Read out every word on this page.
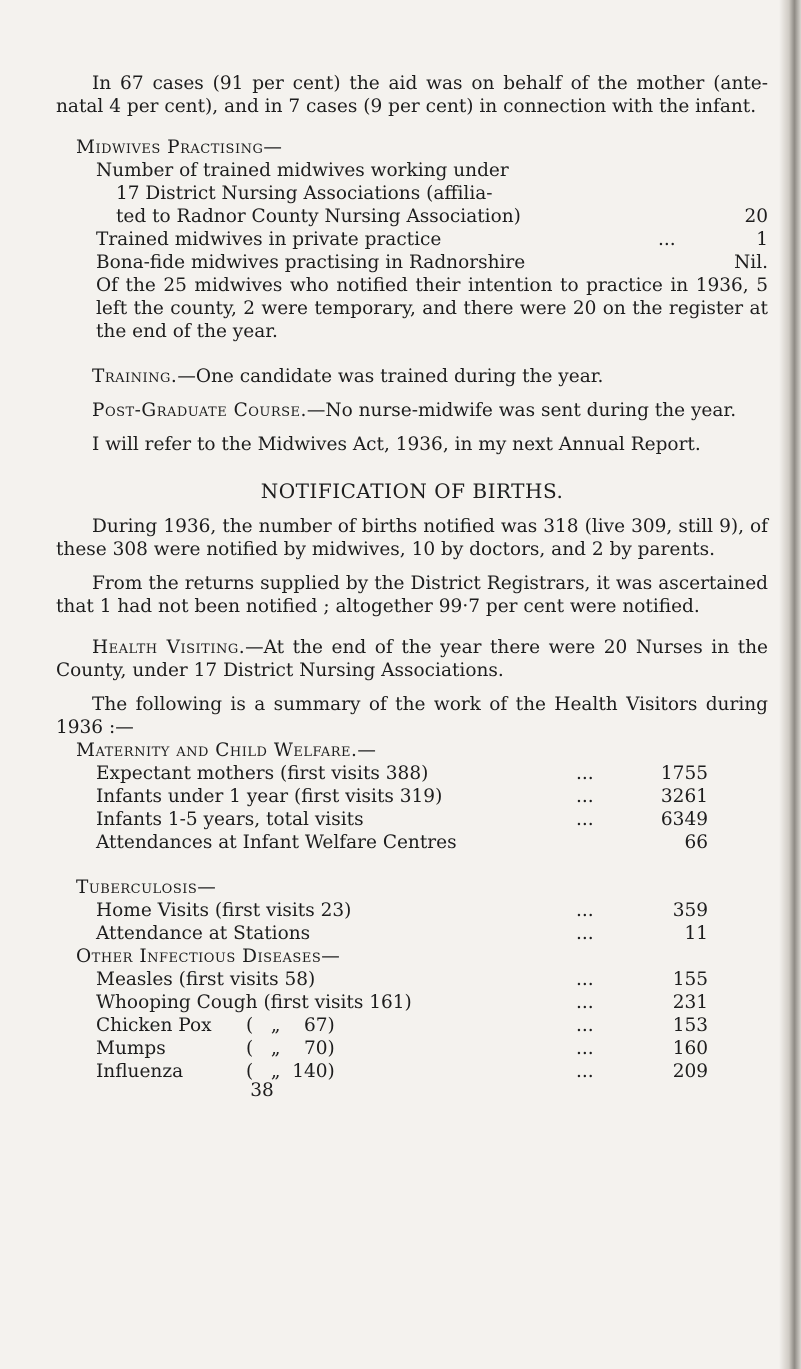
In 67 cases (91 per cent) the aid was on behalf of the mother (ante-natal 4 per cent), and in 7 cases (9 per cent) in connection with the infant.

Midwives Practising—
Number of trained midwives working under
17 District Nursing Associations (affilia-
ted to Radnor County Nursing Association)	20
Trained midwives in private practice	...	1
Bona-fide midwives practising in Radnorshire	Nil.

Of the 25 midwives who notified their intention to practice in 1936, 5 left the county, 2 were temporary, and there were 20 on the register at the end of the year.

Training.—One candidate was trained during the year.

Post-Graduate Course.—No nurse-midwife was sent during the year.

I will refer to the Midwives Act, 1936, in my next Annual Report.

NOTIFICATION OF BIRTHS.

During 1936, the number of births notified was 318 (live 309, still 9), of these 308 were notified by midwives, 10 by doctors, and 2 by parents.

From the returns supplied by the District Registrars, it was ascertained that 1 had not been notified ; altogether 99·7 per cent were notified.

Health Visiting.—At the end of the year there were 20 Nurses in the County, under 17 District Nursing Associations.

The following is a summary of the work of the Health Visitors during 1936 :—

Maternity and Child Welfare.—
Expectant mothers (first visits 388)	...	1755
Infants under 1 year (first visits 319)	...	3261
Infants 1-5 years, total visits	...	6349
Attendances at Infant Welfare Centres	66
Tuberculosis—
Home Visits (first visits 23)	...	359
Attendance at Stations	...	11
Other Infectious Diseases—
Measles (first visits 58)	...	155
Whooping Cough (first visits 161)	...	231
Chicken Pox	(   „    67)	...	153
Mumps	(   „    70)	...	160
Influenza	(   „  140)	...	209
38
